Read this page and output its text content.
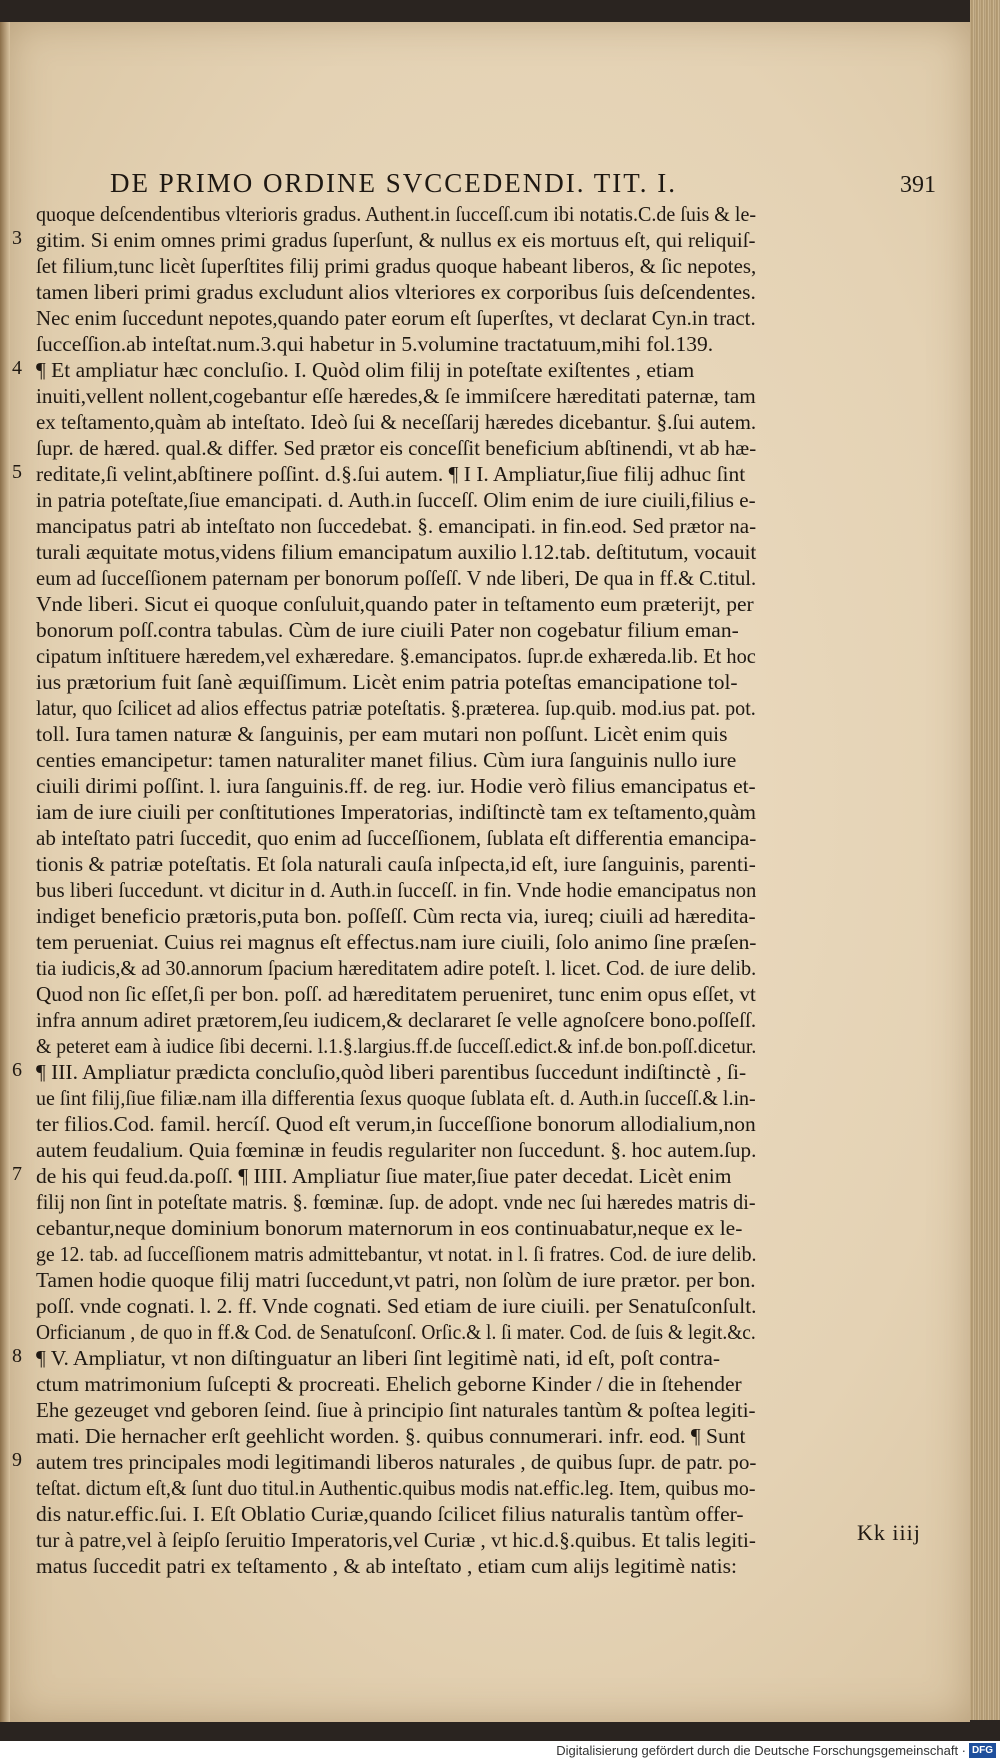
DE PRIMO ORDINE SVCCEDENDI. TIT. I.	391
quoque deſcendentibus vlterioris gradus. Authent.in ſucceſſ.cum ibi notatis.C.de ſuis & le-
gitim. Si enim omnes primi gradus ſuperſunt, & nullus ex eis mortuus eſt, qui reliquiſ-
ſet filium,tunc licèt ſuperſtites filij primi gradus quoque habeant liberos, & ſic nepotes,
tamen liberi primi gradus excludunt alios vlteriores ex corporibus ſuis deſcendentes.
Nec enim ſuccedunt nepotes,quando pater eorum eſt ſuperſtes, vt declarat Cyn.in tract.
ſucceſſion.ab inteſtat.num.3.qui habetur in 5.volumine tractatuum,mihi fol.139.
¶ Et ampliatur hæc concluſio. I. Quòd olim filij in poteſtate exiſtentes , etiam
inuiti,vellent nollent,cogebantur eſſe hæredes,& ſe immiſcere hæreditati paternæ, tam
ex teſtamento,quàm ab inteſtato. Ideò ſui & neceſſarij hæredes dicebantur. §.ſui autem.
ſupr. de hæred. qual.& differ. Sed prætor eis conceſſit beneficium abſtinendi, vt ab hæ-
reditate,ſi velint,abſtinere poſſint. d.§.ſui autem. ¶ I I. Ampliatur,ſiue filij adhuc ſint
in patria poteſtate,ſiue emancipati. d. Auth.in ſucceſſ. Olim enim de iure ciuili,filius e-
mancipatus patri ab inteſtato non ſuccedebat. §. emancipati. in fin.eod. Sed prætor na-
turali æquitate motus,videns filium emancipatum auxilio l.12.tab. deſtitutum, vocauit
eum ad ſucceſſionem paternam per bonorum poſſeſſ. V nde liberi, De qua in ff.& C.titul.
Vnde liberi. Sicut ei quoque conſuluit,quando pater in teſtamento eum præterijt, per
bonorum poſſ.contra tabulas. Cùm de iure ciuili Pater non cogebatur filium eman-
cipatum inſtituere hæredem,vel exhæredare. §.emancipatos. ſupr.de exhæreda.lib. Et hoc
ius prætorium fuit ſanè æquiſſimum. Licèt enim patria poteſtas emancipatione tol-
latur, quo ſcilicet ad alios effectus patriæ poteſtatis. §.præterea. ſup.quib. mod.ius pat. pot.
toll. Iura tamen naturæ & ſanguinis, per eam mutari non poſſunt. Licèt enim quis
centies emancipetur: tamen naturaliter manet filius. Cùm iura ſanguinis nullo iure
ciuili dirimi poſſint. l. iura ſanguinis.ff. de reg. iur. Hodie verò filius emancipatus et-
iam de iure ciuili per conſtitutiones Imperatorias, indiſtinctè tam ex teſtamento,quàm
ab inteſtato patri ſuccedit, quo enim ad ſucceſſionem, ſublata eſt differentia emancipa-
tionis & patriæ poteſtatis. Et ſola naturali cauſa inſpecta,id eſt, iure ſanguinis, parenti-
bus liberi ſuccedunt. vt dicitur in d. Auth.in ſucceſſ. in fin. Vnde hodie emancipatus non
indiget beneficio prætoris,puta bon. poſſeſſ. Cùm recta via, iureq; ciuili ad hæredita-
tem perueniat. Cuius rei magnus eſt effectus.nam iure ciuili, ſolo animo ſine præſen-
tia iudicis,& ad 30.annorum ſpacium hæreditatem adire poteſt. l. licet. Cod. de iure delib.
Quod non ſic eſſet,ſi per bon. poſſ. ad hæreditatem perueniret, tunc enim opus eſſet, vt
infra annum adiret prætorem,ſeu iudicem,& declararet ſe velle agnoſcere bono.poſſeſſ.
& peteret eam à iudice ſibi decerni. l.1.§.largius.ff.de ſucceſſ.edict.& inf.de bon.poſſ.dicetur.
¶ III. Ampliatur prædicta concluſio,quòd liberi parentibus ſuccedunt indiſtinctè , ſi-
ue ſint filij,ſiue filiæ.nam illa differentia ſexus quoque ſublata eſt. d. Auth.in ſucceſſ.& l.in-
ter filios.Cod. famil. hercíſ. Quod eſt verum,in ſucceſſione bonorum allodialium,non
autem feudalium. Quia fœminæ in feudis regulariter non ſuccedunt. §. hoc autem.ſup.
de his qui feud.da.poſſ. ¶ IIII. Ampliatur ſiue mater,ſiue pater decedat. Licèt enim
filij non ſint in poteſtate matris. §. fœminæ. ſup. de adopt. vnde nec ſui hæredes matris di-
cebantur,neque dominium bonorum maternorum in eos continuabatur,neque ex le-
ge 12. tab. ad ſucceſſionem matris admittebantur, vt notat. in l. ſi fratres. Cod. de iure delib.
Tamen hodie quoque filij matri ſuccedunt,vt patri, non ſolùm de iure prætor. per bon.
poſſ. vnde cognati. l. 2. ff. Vnde cognati. Sed etiam de iure ciuili. per Senatuſconſult.
Orficianum , de quo in ff.& Cod. de Senatuſconſ. Orſic.& l. ſi mater. Cod. de ſuis & legit.&c.
¶ V. Ampliatur, vt non diſtinguatur an liberi ſint legitimè nati, id eſt, poſt contra-
ctum matrimonium ſuſcepti & procreati. Ehelich geborne Kinder / die in ſtehender
Ehe gezeuget vnd geboren ſeind. ſiue à principio ſint naturales tantùm & poſtea legiti-
mati. Die hernacher erſt geehlicht worden. §. quibus connumerari. infr. eod. ¶ Sunt
autem tres principales modi legitimandi liberos naturales , de quibus ſupr. de patr. po-
teſtat. dictum eſt,& ſunt duo titul.in Authentic.quibus modis nat.effic.leg. Item, quibus mo-
dis natur.effic.ſui. I. Eſt Oblatio Curiæ,quando ſcilicet filius naturalis tantùm offer-
tur à patre,vel à ſeipſo ſeruitio Imperatoris,vel Curiæ , vt hic.d.§.quibus. Et talis legiti-
matus ſuccedit patri ex teſtamento , & ab inteſtato , etiam cum alijs legitimè natis:
3
4
5
6
7
8
9
Kk iiij
Digitalisierung gefördert durch die Deutsche Forschungsgemeinschaft · DFG
